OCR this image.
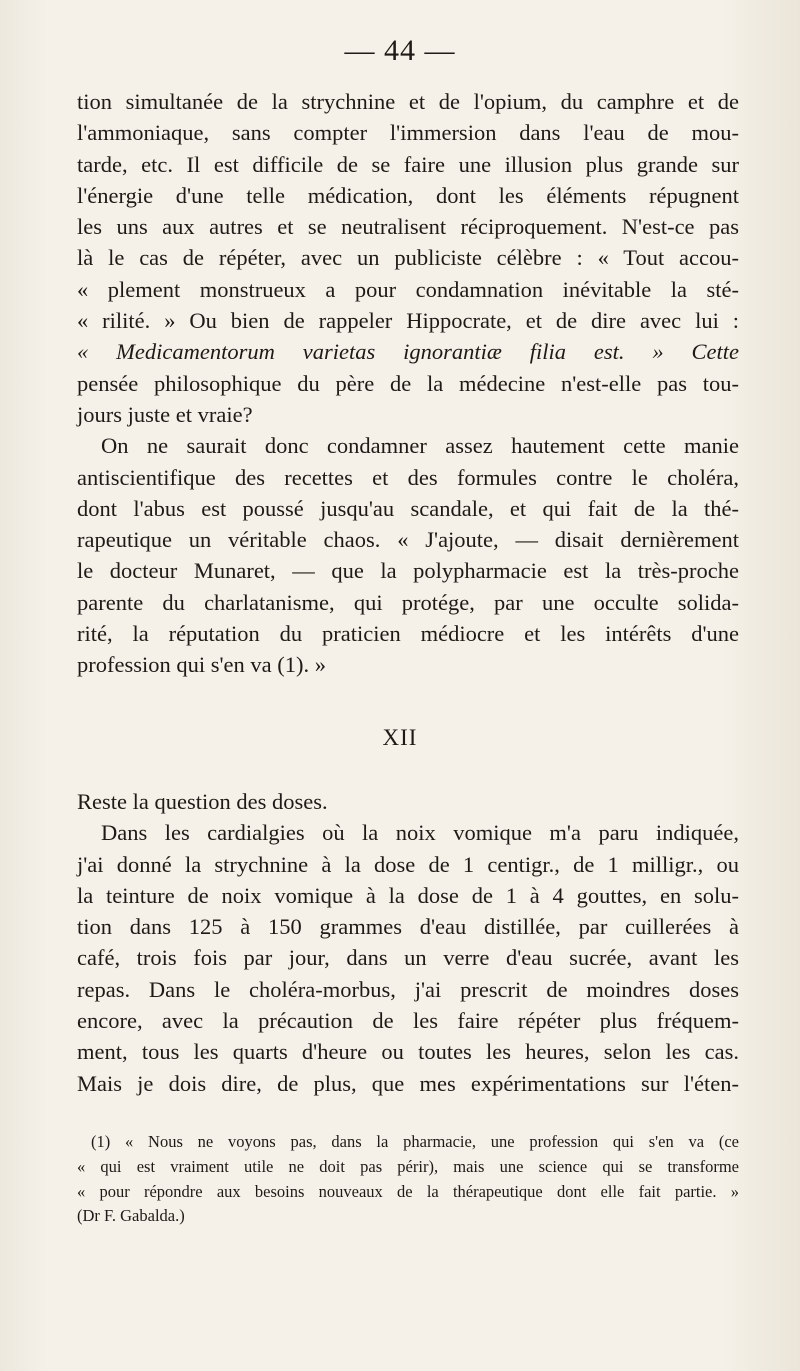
— 44 —
tion simultanée de la strychnine et de l'opium, du camphre et de
l'ammoniaque, sans compter l'immersion dans l'eau de mou-
tarde, etc. Il est difficile de se faire une illusion plus grande sur
l'énergie d'une telle médication, dont les éléments répugnent
les uns aux autres et se neutralisent réciproquement. N'est-ce pas
là le cas de répéter, avec un publiciste célèbre : « Tout accou-
« plement monstrueux a pour condamnation inévitable la sté-
« rilité. » Ou bien de rappeler Hippocrate, et de dire avec lui :
« Medicamentorum varietas ignorantiæ filia est. » Cette
pensée philosophique du père de la médecine n'est-elle pas tou-
jours juste et vraie?
On ne saurait donc condamner assez hautement cette manie
antiscientifique des recettes et des formules contre le choléra,
dont l'abus est poussé jusqu'au scandale, et qui fait de la thé-
rapeutique un véritable chaos. « J'ajoute, — disait dernièrement
le docteur Munaret, — que la polypharmacie est la très-proche
parente du charlatanisme, qui protége, par une occulte solida-
rité, la réputation du praticien médiocre et les intérêts d'une
profession qui s'en va (1). »
XII
Reste la question des doses.
Dans les cardialgies où la noix vomique m'a paru indiquée,
j'ai donné la strychnine à la dose de 1 centigr., de 1 milligr., ou
la teinture de noix vomique à la dose de 1 à 4 gouttes, en solu-
tion dans 125 à 150 grammes d'eau distillée, par cuillerées à
café, trois fois par jour, dans un verre d'eau sucrée, avant les
repas. Dans le choléra-morbus, j'ai prescrit de moindres doses
encore, avec la précaution de les faire répéter plus fréquem-
ment, tous les quarts d'heure ou toutes les heures, selon les cas.
Mais je dois dire, de plus, que mes expérimentations sur l'éten-
(1) « Nous ne voyons pas, dans la pharmacie, une profession qui s'en va (ce
« qui est vraiment utile ne doit pas périr), mais une science qui se transforme
« pour répondre aux besoins nouveaux de la thérapeutique dont elle fait partie. »
(Dr F. Gabalda.)
